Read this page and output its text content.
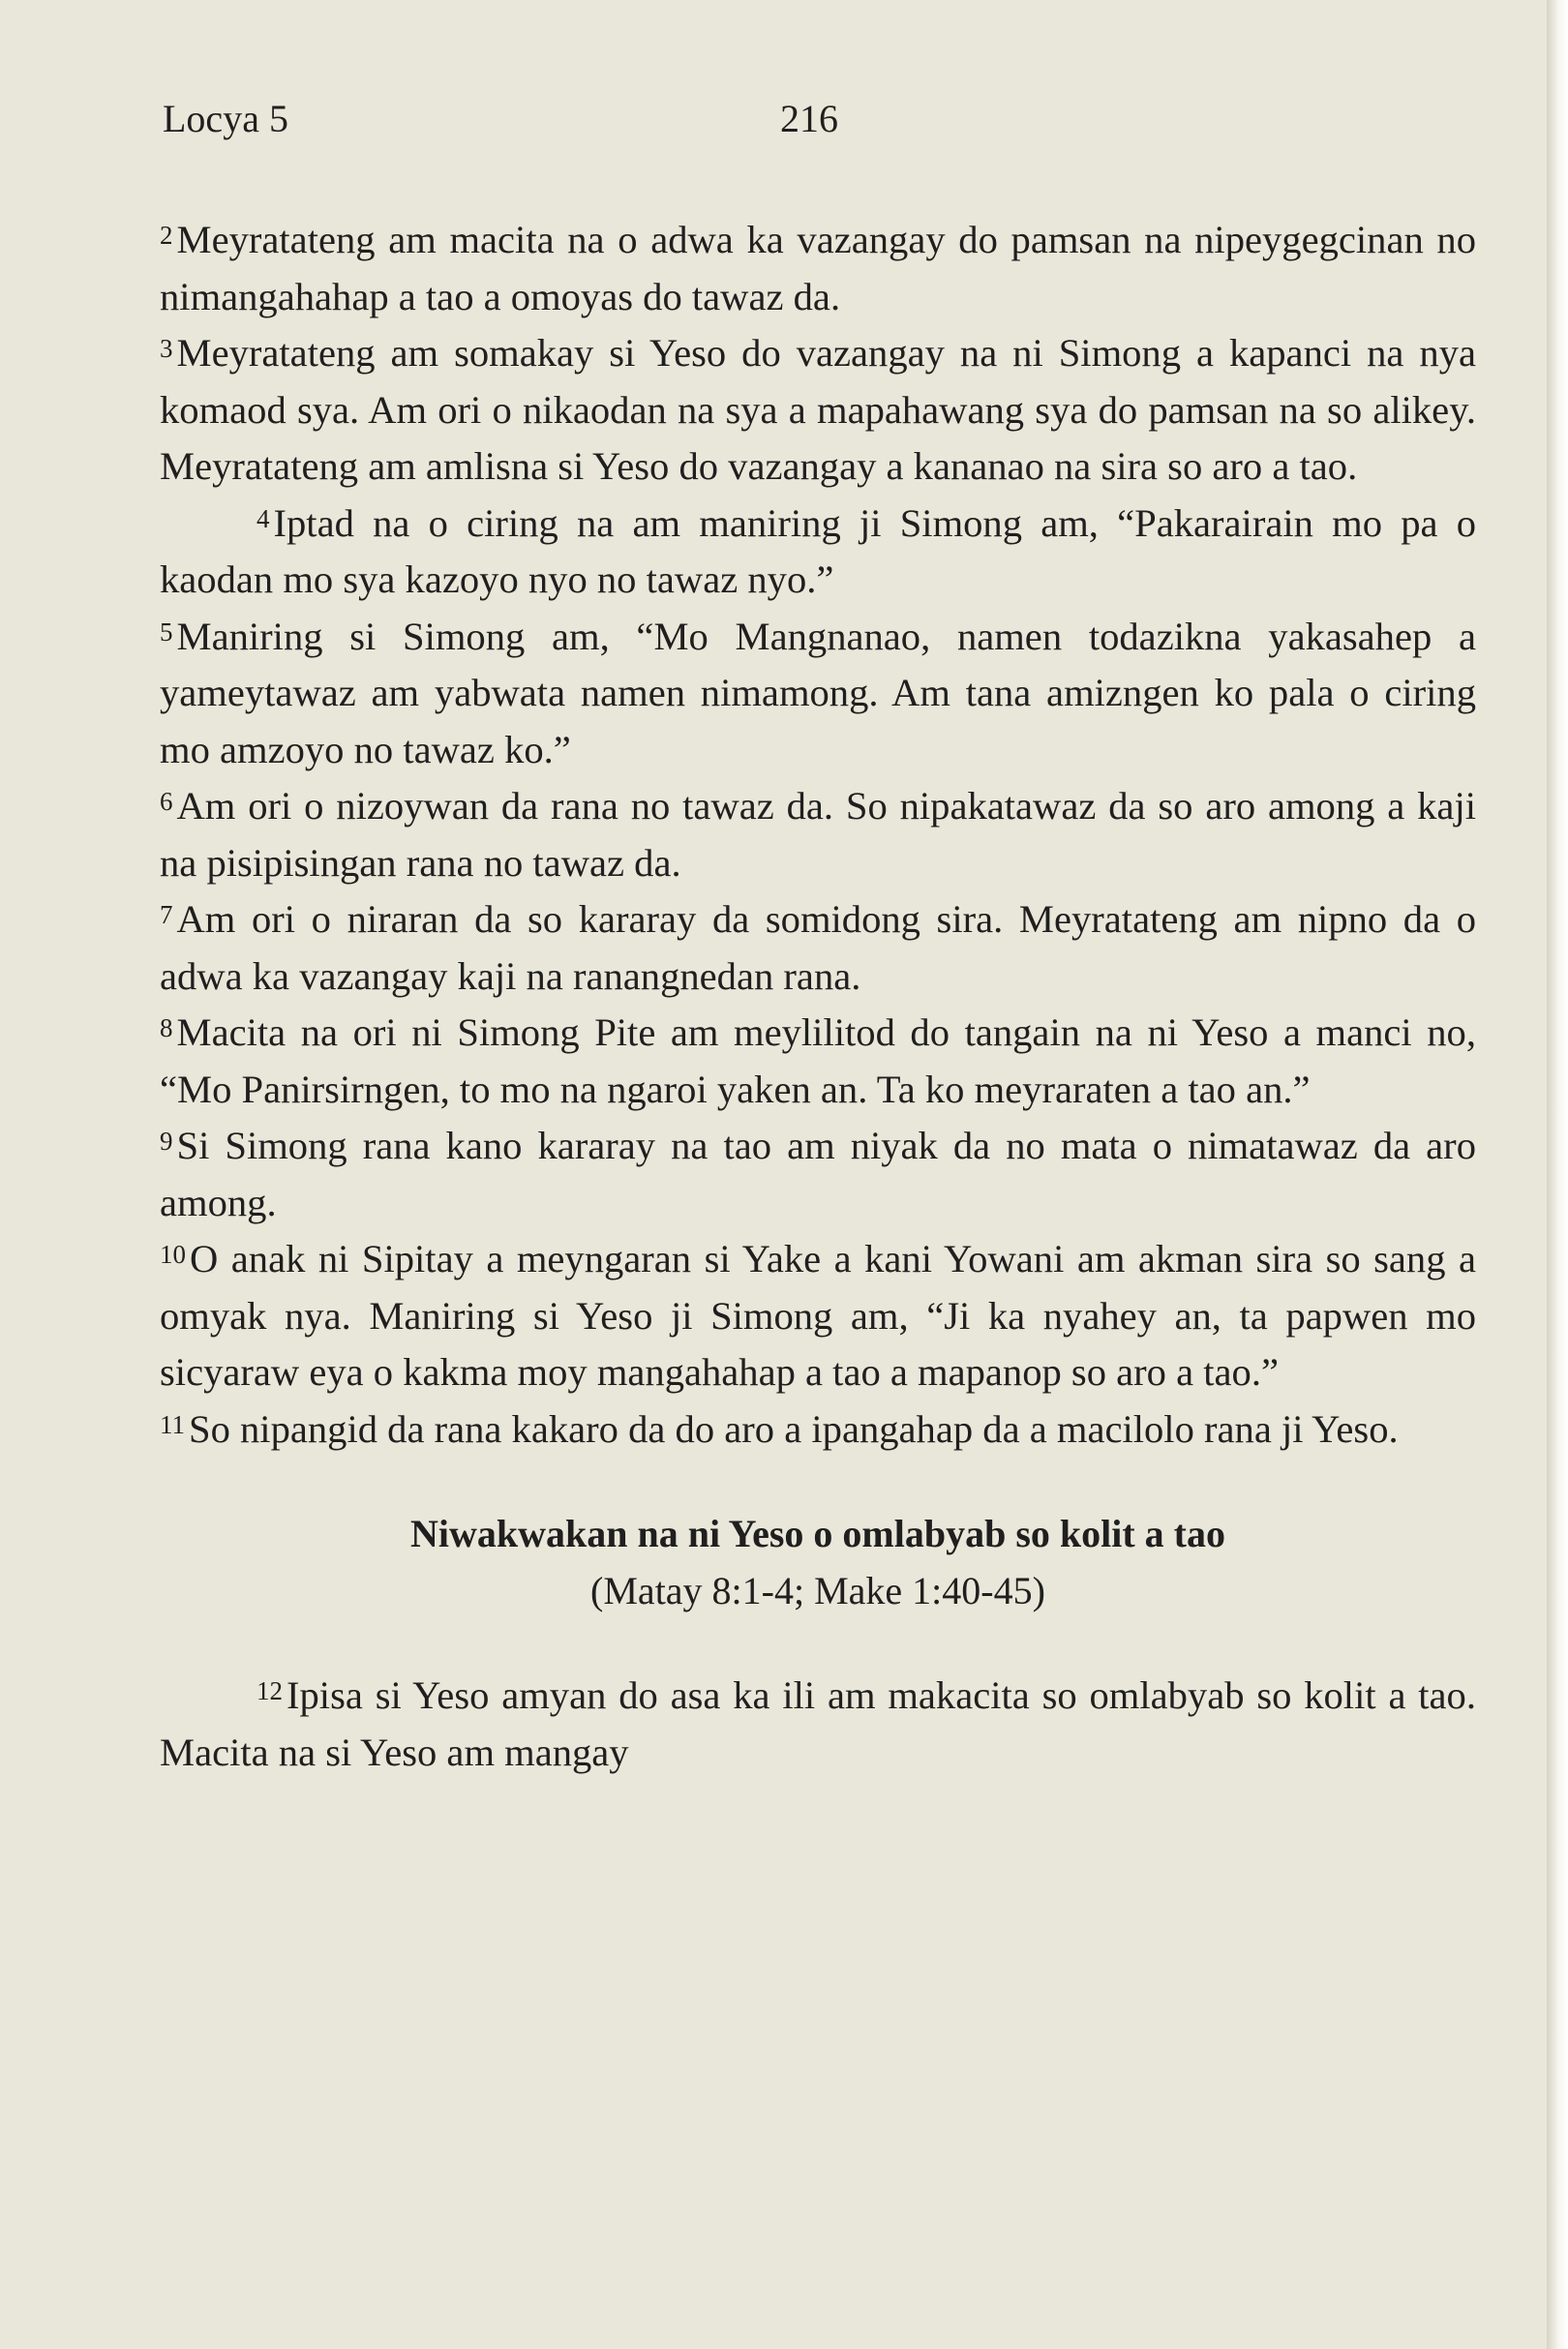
Locya 5	216

$^2$Meyratateng am macita na o adwa ka vazangay do pamsan na nipeygegcinan no nimangahahap a tao a omoyas do tawaz da.

$^3$Meyratateng am somakay si Yeso do vazangay na ni Simong a kapanci na nya komaod sya. Am ori o nikaodan na sya a mapahawang sya do pamsan na so alikey. Meyratateng am amlisna si Yeso do vazangay a kananao na sira so aro a tao.

$^4$Iptad na o ciring na am maniring ji Simong am, “Pakarairain mo pa o kaodan mo sya kazoyo nyo no tawaz nyo.”

$^5$Maniring si Simong am, “Mo Mangnanao, namen todazikna yakasahep a yameytawaz am yabwata namen nimamong. Am tana amizngen ko pala o ciring mo amzoyo no tawaz ko.”

$^6$Am ori o nizoywan da rana no tawaz da. So nipakatawaz da so aro among a kaji na pisipisingan rana no tawaz da.

$^7$Am ori o niraran da so kararay da somidong sira. Meyratateng am nipno da o adwa ka vazangay kaji na ranangnedan rana.

$^8$Macita na ori ni Simong Pite am meylilitod do tangain na ni Yeso a manci no, “Mo Panirsirngen, to mo na ngaroi yaken an. Ta ko meyraraten a tao an.”

$^9$Si Simong rana kano kararay na tao am niyak da no mata o nimatawaz da aro among.

$^{10}$O anak ni Sipitay a meyngaran si Yake a kani Yowani am akman sira so sang a omyak nya. Maniring si Yeso ji Simong am, “Ji ka nyahey an, ta papwen mo sicyaraw eya o kakma moy mangahahap a tao a mapanop so aro a tao.”

$^{11}$So nipangid da rana kakaro da do aro a ipangahap da a macilolo rana ji Yeso.

Niwakwakan na ni Yeso o omlabyab so kolit a tao

(Matay 8:1-4; Make 1:40-45)

$^{12}$Ipisa si Yeso amyan do asa ka ili am makacita so omlabyab so kolit a tao. Macita na si Yeso am mangay
